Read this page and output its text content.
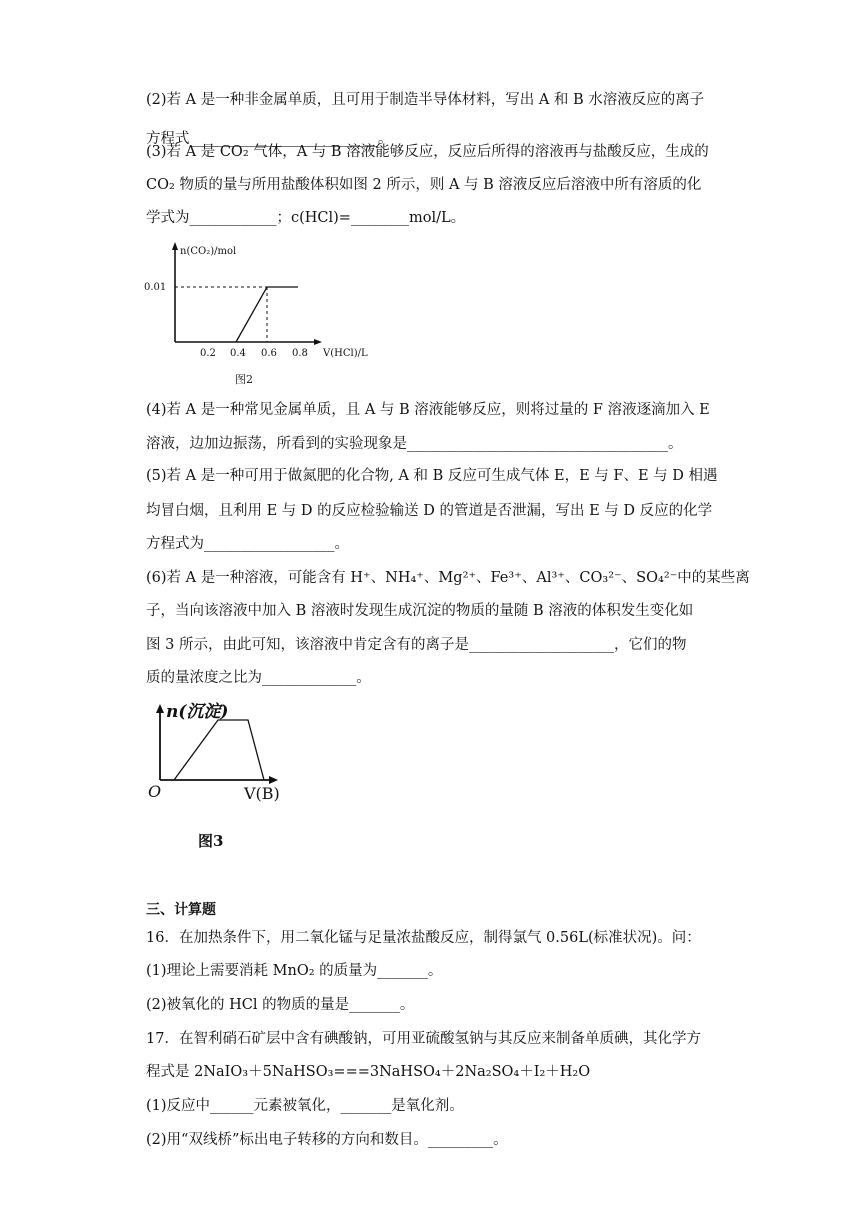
(2)若 A 是一种非金属单质，且可用于制造半导体材料，写出 A 和 B 水溶液反应的离子
方程式__________________________。
(3)若 A 是 CO₂ 气体，A 与 B 溶液能够反应，反应后所得的溶液再与盐酸反应，生成的
CO₂ 物质的量与所用盐酸体积如图 2 所示，则 A 与 B 溶液反应后溶液中所有溶质的化
学式为____________；c(HCl)=________mol/L。
n(CO₂)/mol
0.01
0.2 0.4 0.6 0.8 V(HCl)/L
图2
(4)若 A 是一种常见金属单质，且 A 与 B 溶液能够反应，则将过量的 F 溶液逐滴加入 E
溶液，边加边振荡，所看到的实验现象是____________________________________。
(5)若 A 是一种可用于做氮肥的化合物, A 和 B 反应可生成气体 E，E 与 F、E 与 D 相遇
均冒白烟，且利用 E 与 D 的反应检验输送 D 的管道是否泄漏，写出 E 与 D 反应的化学
方程式为__________________。
(6)若 A 是一种溶液，可能含有 H⁺、NH₄⁺、Mg²⁺、Fe³⁺、Al³⁺、CO₃²⁻、SO₄²⁻中的某些离
子，当向该溶液中加入 B 溶液时发现生成沉淀的物质的量随 B 溶液的体积发生变化如
图 3 所示，由此可知，该溶液中肯定含有的离子是____________________，它们的物
质的量浓度之比为_____________。
n(沉淀)
O	V(B)
图3
三、计算题
16．在加热条件下，用二氧化锰与足量浓盐酸反应，制得氯气 0.56L(标准状况)。问：
(1)理论上需要消耗 MnO₂ 的质量为_______。
(2)被氧化的 HCl 的物质的量是_______。
17．在智利硝石矿层中含有碘酸钠，可用亚硫酸氢钠与其反应来制备单质碘，其化学方
程式是 2NaIO₃＋5NaHSO₃===3NaHSO₄＋2Na₂SO₄＋I₂＋H₂O
(1)反应中______元素被氧化，_______是氧化剂。
(2)用“双线桥”标出电子转移的方向和数目。_________。
